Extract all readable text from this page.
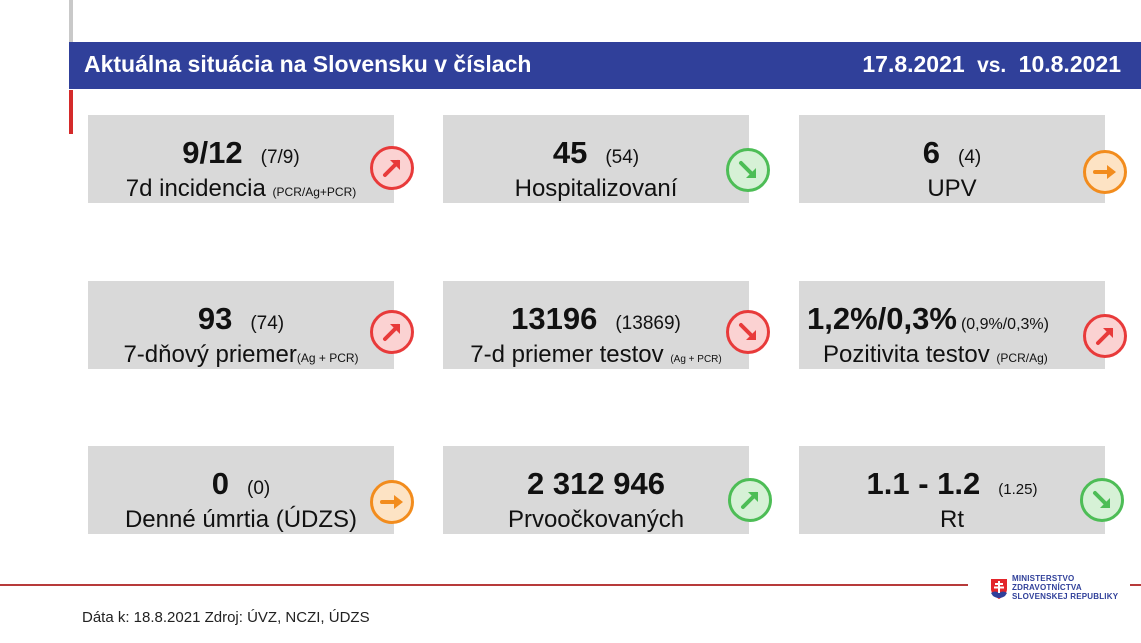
Aktuálna situácia na Slovensku v číslach	17.8.2021 vs. 10.8.2021
9/12 (7/9)
7d incidencia (PCR/Ag+PCR)
45 (54)
Hospitalizovaní
6 (4)
UPV
93 (74)
7-dňový priemer(Ag + PCR)
13196 (13869)
7-d priemer testov (Ag + PCR)
1,2%/0,3% (0,9%/0,3%)
Pozitivita testov (PCR/Ag)
0 (0)
Denné úmrtia (ÚDZS)
2 312 946
Prvoočkovaných
1.1 - 1.2 (1.25)
Rt
MINISTERSTVO
ZDRAVOTNÍCTVA
SLOVENSKEJ REPUBLIKY
Dáta k: 18.8.2021 Zdroj: ÚVZ, NCZI, ÚDZS
